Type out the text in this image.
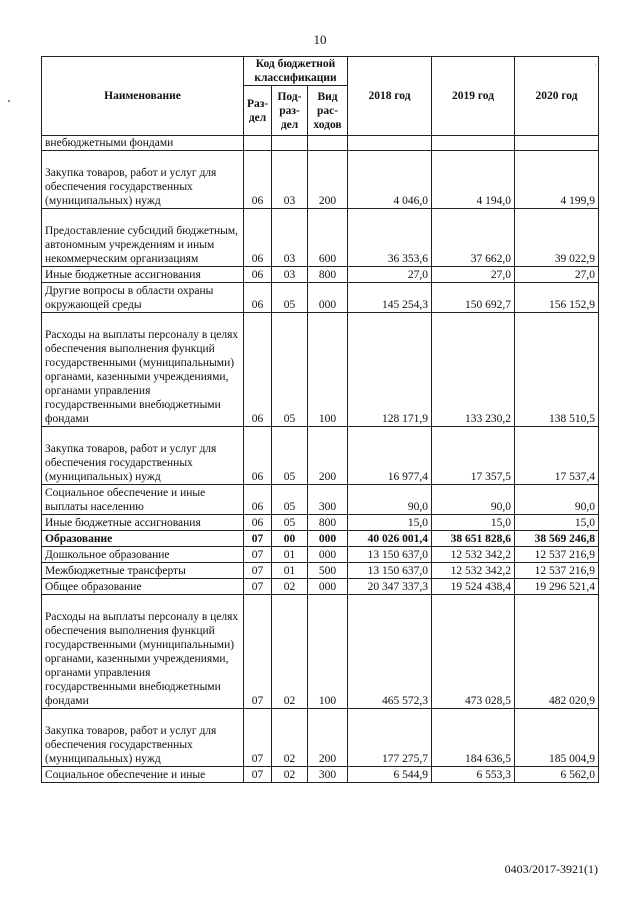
10
·
Наименование	Код бюджетной классификации			2018 год	2019 год	2020 год
	Раз-дел	Под-раз-дел	Вид рас-ходов			
внебюджетными фондами						
Закупка товаров, работ и услуг для обеспечения государственных (муниципальных) нужд	06	03	200	4 046,0	4 194,0	4 199,9
Предоставление субсидий бюджетным, автономным учреждениям и иным некоммерческим организациям	06	03	600	36 353,6	37 662,0	39 022,9
Иные бюджетные ассигнования	06	03	800	27,0	27,0	27,0
Другие вопросы в области охраны окружающей среды	06	05	000	145 254,3	150 692,7	156 152,9
Расходы на выплаты персоналу в целях обеспечения выполнения функций государственными (муниципальными) органами, казенными учреждениями, органами управления государственными внебюджетными фондами	06	05	100	128 171,9	133 230,2	138 510,5
Закупка товаров, работ и услуг для обеспечения государственных (муниципальных) нужд	06	05	200	16 977,4	17 357,5	17 537,4
Социальное обеспечение и иные выплаты населению	06	05	300	90,0	90,0	90,0
Иные бюджетные ассигнования	06	05	800	15,0	15,0	15,0
Образование	07	00	000	40 026 001,4	38 651 828,6	38 569 246,8
Дошкольное образование	07	01	000	13 150 637,0	12 532 342,2	12 537 216,9
Межбюджетные трансферты	07	01	500	13 150 637,0	12 532 342,2	12 537 216,9
Общее образование	07	02	000	20 347 337,3	19 524 438,4	19 296 521,4
Расходы на выплаты персоналу в целях обеспечения выполнения функций государственными (муниципальными) органами, казенными учреждениями, органами управления государственными внебюджетными фондами	07	02	100	465 572,3	473 028,5	482 020,9
Закупка товаров, работ и услуг для обеспечения государственных (муниципальных) нужд	07	02	200	177 275,7	184 636,5	185 004,9
Социальное обеспечение и иные	07	02	300	6 544,9	6 553,3	6 562,0
0403/2017-3921(1)
